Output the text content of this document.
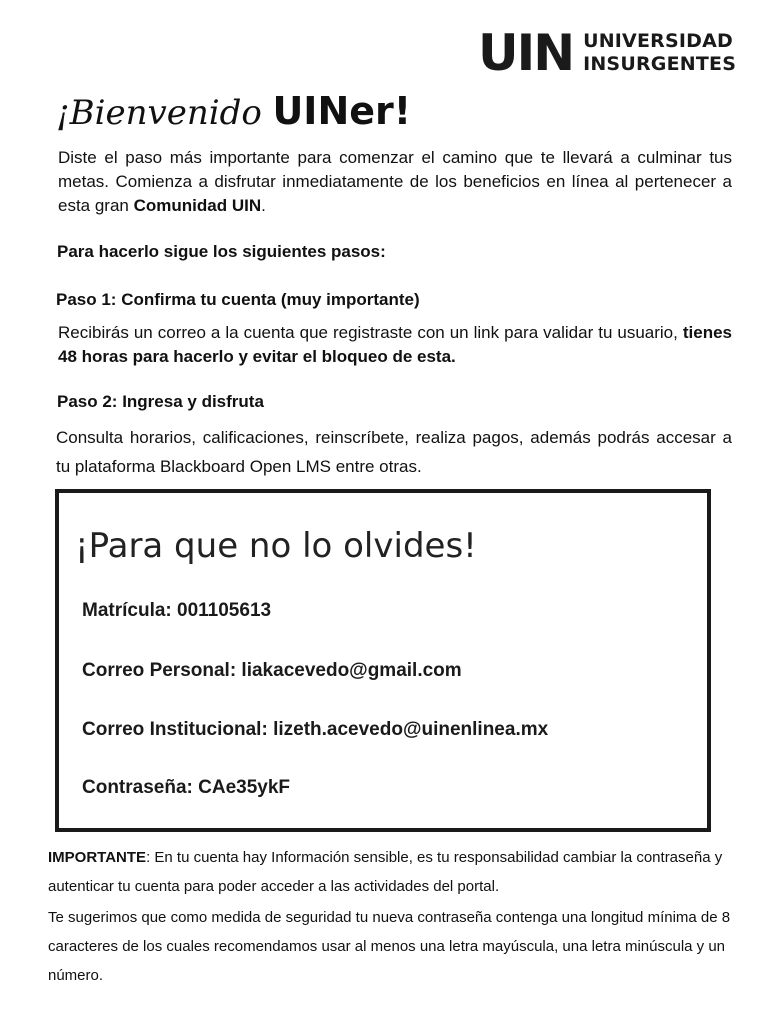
UIN UNIVERSIDAD
INSURGENTES
¡Bienvenido UINer!

Diste el paso más importante para comenzar el camino que te llevará a culminar tus metas. Comienza a disfrutar inmediatamente de los beneficios en línea al pertenecer a esta gran Comunidad UIN.

Para hacerlo sigue los siguientes pasos:
Paso 1: Confirma tu cuenta (muy importante)

Recibirás un correo a la cuenta que registraste con un link para validar tu usuario, tienes 48 horas para hacerlo y evitar el bloqueo de esta.

Paso 2: Ingresa y disfruta

Consulta horarios, calificaciones, reinscríbete, realiza pagos, además podrás accesar a tu plataforma Blackboard Open LMS entre otras.

¡Para que no lo olvides!
Matrícula: 001105613
Correo Personal: liakacevedo@gmail.com
Correo Institucional: lizeth.acevedo@uinenlinea.mx
Contraseña: CAe35ykF

IMPORTANTE: En tu cuenta hay Información sensible, es tu responsabilidad cambiar la contraseña y autenticar tu cuenta para poder acceder a las actividades del portal.

Te sugerimos que como medida de seguridad tu nueva contraseña contenga una longitud mínima de 8 caracteres de los cuales recomendamos usar al menos una letra mayúscula, una letra minúscula y un número.
